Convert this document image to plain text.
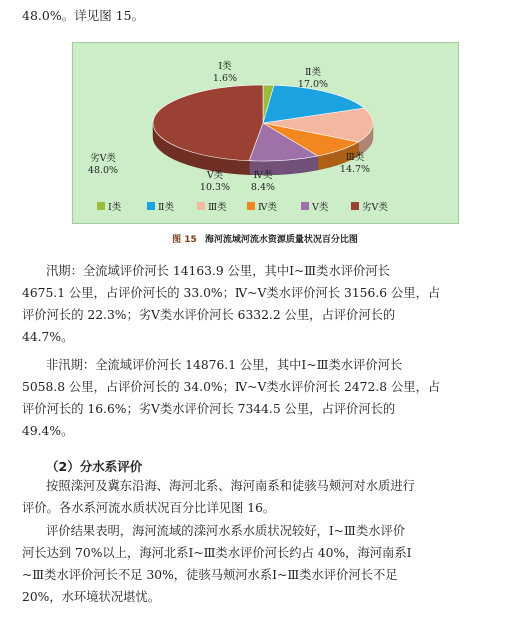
48.0%。详见图 15。
Ⅰ类
1.6%
Ⅱ类
17.0%
Ⅲ类
14.7%
Ⅳ类
8.4%
Ⅴ类
10.3%
劣Ⅴ类
48.0%
Ⅰ类	Ⅱ类	Ⅲ类	Ⅳ类	Ⅴ类	劣Ⅴ类
图 15 海河流域河流水资源质量状况百分比图
汛期：全流域评价河长 14163.9 公里，其中Ⅰ~Ⅲ类水评价河长
4675.1 公里，占评价河长的 33.0%；Ⅳ~Ⅴ类水评价河长 3156.6 公里，占
评价河长的 22.3%；劣Ⅴ类水评价河长 6332.2 公里，占评价河长的
44.7%。
非汛期：全流域评价河长 14876.1 公里，其中Ⅰ~Ⅲ类水评价河长
5058.8 公里，占评价河长的 34.0%；Ⅳ~Ⅴ类水评价河长 2472.8 公里，占
评价河长的 16.6%；劣Ⅴ类水评价河长 7344.5 公里，占评价河长的
49.4%。
（2）分水系评价
按照滦河及冀东沿海、海河北系、海河南系和徒骇马颊河对水质进行
评价。各水系河流水质状况百分比详见图 16。
评价结果表明，海河流域的滦河水系水质状况较好，Ⅰ~Ⅲ类水评价
河长达到 70%以上，海河北系Ⅰ~Ⅲ类水评价河长约占 40%，海河南系Ⅰ
~Ⅲ类水评价河长不足 30%，徒骇马颊河水系Ⅰ~Ⅲ类水评价河长不足
20%，水环境状况堪忧。
